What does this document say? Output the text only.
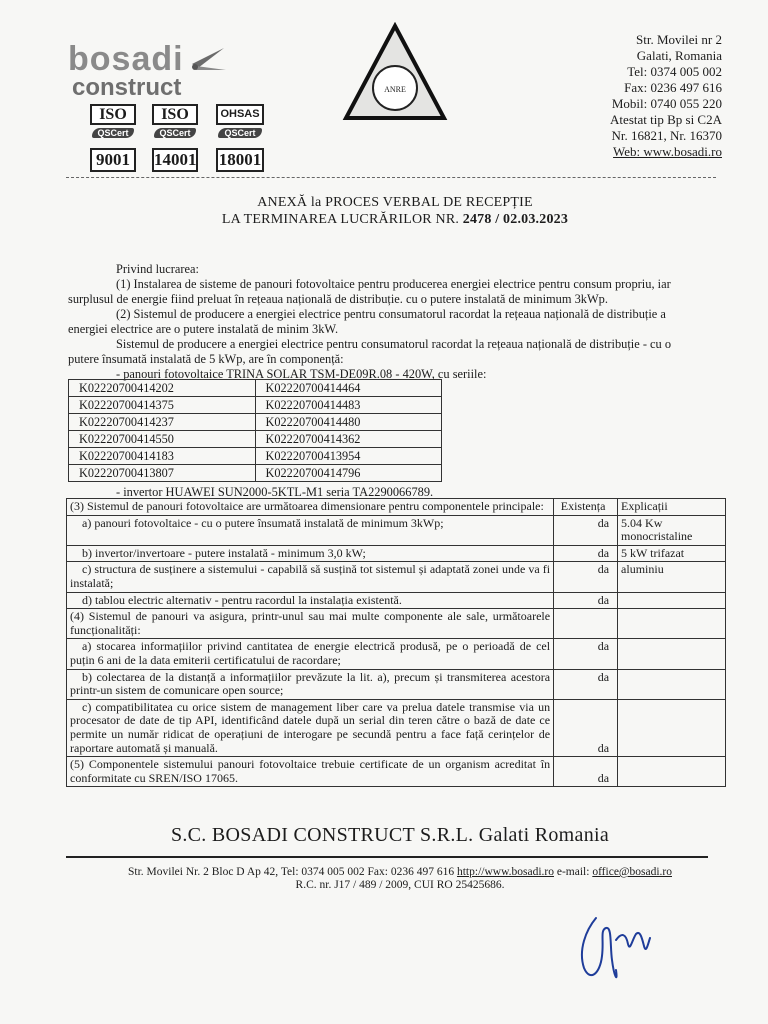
bosadi
construct
ISO
QSCert
9001
ISO
QSCert
14001
OHSAS
QSCert
18001
ANRE
Str. Movilei nr 2
Galati, Romania
Tel: 0374 005 002
Fax: 0236 497 616
Mobil: 0740 055 220
Atestat tip Bp si C2A
Nr. 16821, Nr. 16370
Web: www.bosadi.ro
ANEXĂ la PROCES VERBAL DE RECEPȚIE
LA TERMINAREA LUCRĂRILOR NR. 2478 / 02.03.2023
Privind lucrarea:
(1) Instalarea de sisteme de panouri fotovoltaice pentru producerea energiei electrice pentru consum propriu, iar
surplusul de energie fiind preluat în rețeaua națională de distribuție. cu o putere instalată de minimum 3kWp.
(2) Sistemul de producere a energiei electrice pentru consumatorul racordat la rețeaua națională de distribuție a
energiei electrice are o putere instalată de minim 3kW.
Sistemul de producere a energiei electrice pentru consumatorul racordat la rețeaua națională de distribuție - cu o
putere însumată instalată de 5 kWp, are în componență:
- panouri fotovoltaice TRINA SOLAR TSM-DE09R.08 - 420W, cu seriile:
K02220700414202	K02220700414464
K02220700414375	K02220700414483
K02220700414237	K02220700414480
K02220700414550	K02220700414362
K02220700414183	K02220700413954
K02220700413807	K02220700414796
- invertor HUAWEI SUN2000-5KTL-M1 seria TA2290066789.
(3) Sistemul de panouri fotovoltaice are următoarea dimensionare pentru componentele principale:	Existența	Explicații
a) panouri fotovoltaice - cu o putere însumată instalată de minimum 3kWp;	da	5.04 Kw monocristaline
b) invertor/invertoare - putere instalată - minimum 3,0 kW;	da	5 kW trifazat
c) structura de susținere a sistemului - capabilă să susțină tot sistemul și adaptată zonei unde va fi instalată;	da	aluminiu
d) tablou electric alternativ - pentru racordul la instalația existentă.	da	
(4) Sistemul de panouri va asigura, printr-unul sau mai multe componente ale sale, următoarele funcționalități:		
a) stocarea informațiilor privind cantitatea de energie electrică produsă, pe o perioadă de cel puțin 6 ani de la data emiterii certificatului de racordare;	da	
b) colectarea de la distanță a informațiilor prevăzute la lit. a), precum și transmiterea acestora printr-un sistem de comunicare open source;	da	
c) compatibilitatea cu orice sistem de management liber care va prelua datele transmise via un procesator de date de tip API, identificând datele după un serial din teren către o bază de date ce permite un număr ridicat de operațiuni de interogare pe secundă pentru a face față cerințelor de raportare automată și manuală.	da	
(5) Componentele sistemului panouri fotovoltaice trebuie certificate de un organism acreditat în conformitate cu SREN/ISO 17065.	da	
S.C. BOSADI CONSTRUCT S.R.L. Galati Romania
Str. Movilei Nr. 2 Bloc D Ap 42, Tel: 0374 005 002 Fax: 0236 497 616 http://www.bosadi.ro e-mail: office@bosadi.ro
R.C. nr. J17 / 489 / 2009, CUI RO 25425686.
